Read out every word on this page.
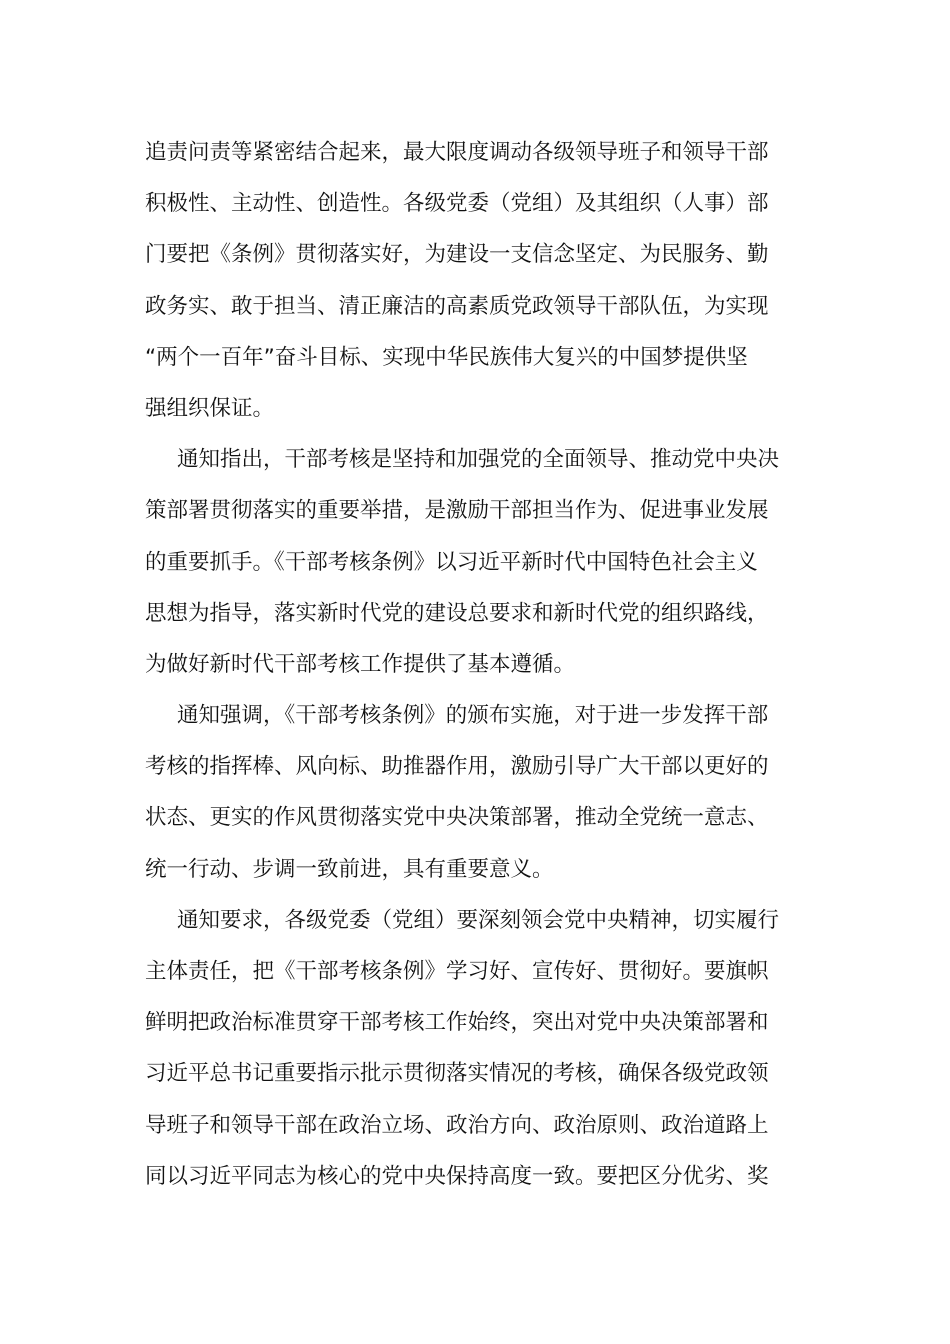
追责问责等紧密结合起来，最大限度调动各级领导班子和领导干部
积极性、主动性、创造性。各级党委（党组）及其组织（人事）部
门要把《条例》贯彻落实好，为建设一支信念坚定、为民服务、勤
政务实、敢于担当、清正廉洁的高素质党政领导干部队伍，为实现
“两个一百年”奋斗目标、实现中华民族伟大复兴的中国梦提供坚
强组织保证。
通知指出，干部考核是坚持和加强党的全面领导、推动党中央决
策部署贯彻落实的重要举措，是激励干部担当作为、促进事业发展
的重要抓手。《干部考核条例》以习近平新时代中国特色社会主义
思想为指导，落实新时代党的建设总要求和新时代党的组织路线，
为做好新时代干部考核工作提供了基本遵循。
通知强调，《干部考核条例》的颁布实施，对于进一步发挥干部
考核的指挥棒、风向标、助推器作用，激励引导广大干部以更好的
状态、更实的作风贯彻落实党中央决策部署，推动全党统一意志、
统一行动、步调一致前进，具有重要意义。
通知要求，各级党委（党组）要深刻领会党中央精神，切实履行
主体责任，把《干部考核条例》学习好、宣传好、贯彻好。要旗帜
鲜明把政治标准贯穿干部考核工作始终，突出对党中央决策部署和
习近平总书记重要指示批示贯彻落实情况的考核，确保各级党政领
导班子和领导干部在政治立场、政治方向、政治原则、政治道路上
同以习近平同志为核心的党中央保持高度一致。要把区分优劣、奖
